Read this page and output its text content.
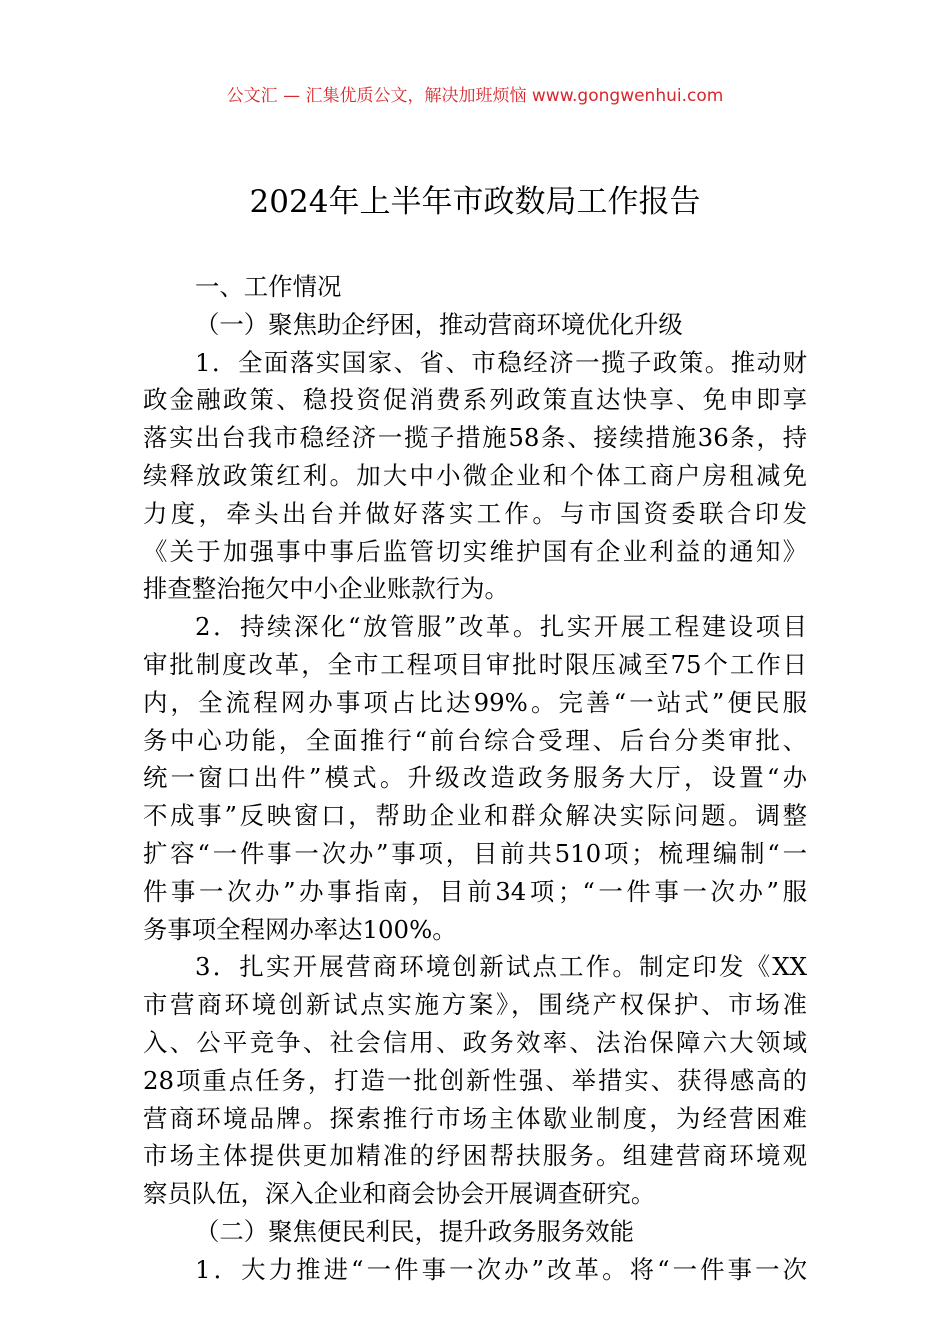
公文汇 — 汇集优质公文，解决加班烦恼 www.gongwenhui.com
2024年上半年市政数局工作报告
一、工作情况
（一）聚焦助企纾困，推动营商环境优化升级
1．全面落实国家、省、市稳经济一揽子政策。推动财
政金融政策、稳投资促消费系列政策直达快享、免申即享
落实出台我市稳经济一揽子措施58条、接续措施36条，持
续释放政策红利。加大中小微企业和个体工商户房租减免
力度，牵头出台并做好落实工作。与市国资委联合印发
《关于加强事中事后监管切实维护国有企业利益的通知》
排查整治拖欠中小企业账款行为。
2．持续深化“放管服”改革。扎实开展工程建设项目
审批制度改革，全市工程项目审批时限压减至75个工作日
内，全流程网办事项占比达99%。完善“一站式”便民服
务中心功能，全面推行“前台综合受理、后台分类审批、
统一窗口出件”模式。升级改造政务服务大厅，设置“办
不成事”反映窗口，帮助企业和群众解决实际问题。调整
扩容“一件事一次办”事项，目前共510项；梳理编制“一
件事一次办”办事指南，目前34项；“一件事一次办”服
务事项全程网办率达100%。
3．扎实开展营商环境创新试点工作。制定印发《XX
市营商环境创新试点实施方案》，围绕产权保护、市场准
入、公平竞争、社会信用、政务效率、法治保障六大领域
28项重点任务，打造一批创新性强、举措实、获得感高的
营商环境品牌。探索推行市场主体歇业制度，为经营困难
市场主体提供更加精准的纾困帮扶服务。组建营商环境观
察员队伍，深入企业和商会协会开展调查研究。
（二）聚焦便民利民，提升政务服务效能
1．大力推进“一件事一次办”改革。将“一件事一次
